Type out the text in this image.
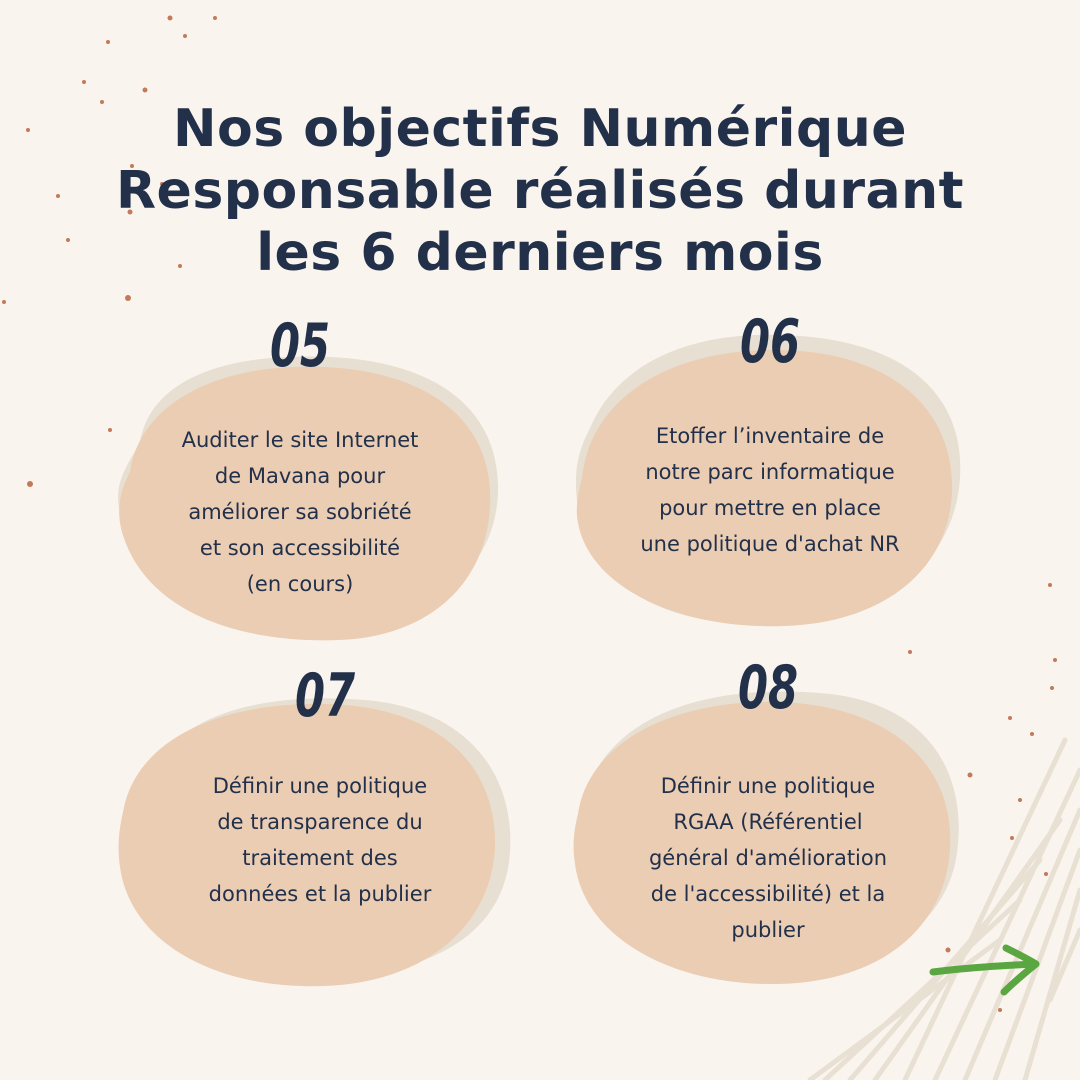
Nos objectifs Numérique
Responsable réalisés durant
les 6 derniers mois
05
Auditer le site Internet
de Mavana pour
améliorer sa sobriété
et son accessibilité
(en cours)
06
Etoffer l’inventaire de
notre parc informatique
pour mettre en place
une politique d'achat NR
07
Définir une politique
de transparence du
traitement des
données et la publier
08
Définir une politique
RGAA (Référentiel
général d'amélioration
de l'accessibilité) et la
publier
